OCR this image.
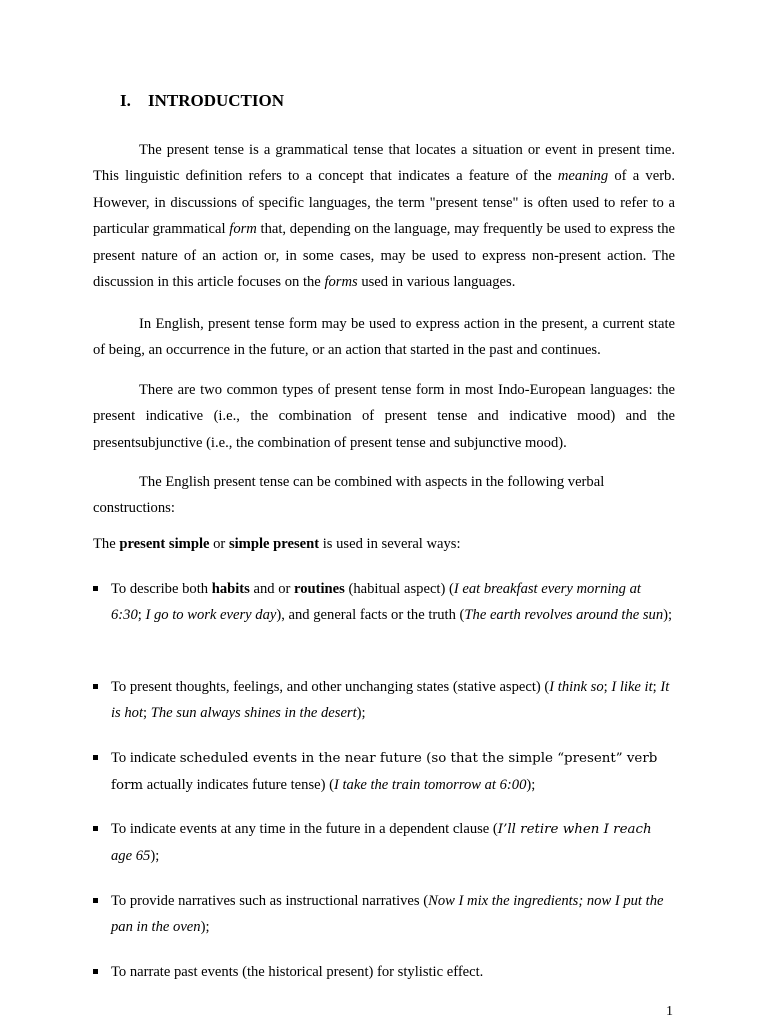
I. INTRODUCTION

The present tense is a grammatical tense that locates a situation or event in present time. This linguistic definition refers to a concept that indicates a feature of the meaning of a verb. However, in discussions of specific languages, the term "present tense" is often used to refer to a particular grammatical form that, depending on the language, may frequently be used to express the present nature of an action or, in some cases, may be used to express non-present action. The discussion in this article focuses on the forms used in various languages.

In English, present tense form may be used to express action in the present, a current state of being, an occurrence in the future, or an action that started in the past and continues.

There are two common types of present tense form in most Indo-European languages: the present indicative (i.e., the combination of present tense and indicative mood) and the presentsubjunctive (i.e., the combination of present tense and subjunctive mood).

The English present tense can be combined with aspects in the following verbal

constructions:

The present simple or simple present is used in several ways:

To describe both habits and or routines (habitual aspect) (I eat breakfast every morning at 6:30; I go to work every day), and general facts or the truth (The earth revolves around the sun);
To present thoughts, feelings, and other unchanging states (stative aspect) (I think so; I like it; It is hot; The sun always shines in the desert);
To indicate scheduled events in the near future (so that the simple “present” verb form actually indicates future tense) (I take the train tomorrow at 6:00);
To indicate events at any time in the future in a dependent clause (I’ll retire when I reach
age 65);
To provide narratives such as instructional narratives (Now I mix the ingredients; now I put the pan in the oven);
To narrate past events (the historical present) for stylistic effect.
1
